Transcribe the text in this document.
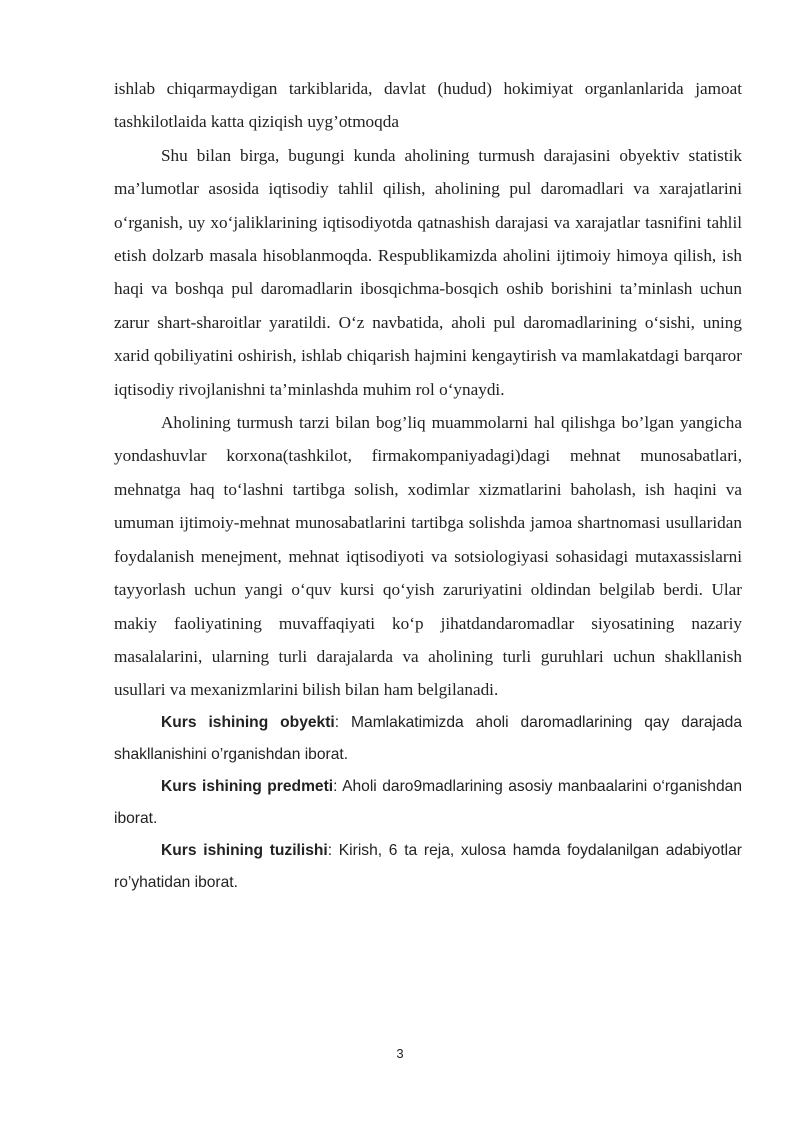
ishlab chiqarmaydigan tarkiblarida, davlat (hudud) hokimiyat organlanlarida jamoat tashkilotlaida katta qiziqish uyg’otmoqda

Shu bilan birga, bugungi kunda aholining turmush darajasini obyektiv statistik ma’lumotlar asosida iqtisodiy tahlil qilish, aholining pul daromadlari va xarajatlarini o‘rganish, uy xo‘jaliklarining iqtisodiyotda qatnashish darajasi va xarajatlar tasnifini tahlil etish dolzarb masala hisoblanmoqda. Respublikamizda aholini ijtimoiy himoya qilish, ish haqi va boshqa pul daromadlarin ibosqichma-bosqich oshib borishini ta’minlash uchun zarur shart-sharoitlar yaratildi. O‘z navbatida, aholi pul daromadlarining o‘sishi, uning xarid qobiliyatini oshirish, ishlab chiqarish hajmini kengaytirish va mamlakatdagi barqaror iqtisodiy rivojlanishni ta’minlashda muhim rol o‘ynaydi.

Aholining turmush tarzi bilan bog’liq muammolarni hal qilishga bo’lgan yangicha yondashuvlar korxona(tashkilot, firmakompaniyadagi)dagi mehnat munosabatlari, mehnatga haq to‘lashni tartibga solish, xodimlar xizmatlarini baholash, ish haqini va umuman ijtimoiy-mehnat munosabatlarini tartibga solishda jamoa shartnomasi usullaridan foydalanish menejment, mehnat iqtisodiyoti va sotsiologiyasi sohasidagi mutaxassislarni tayyorlash uchun yangi o‘quv kursi qo‘yish zaruriyatini oldindan belgilab berdi. Ular makiy faoliyatining muvaffaqiyati ko‘p jihatdandaromadlar siyosatining nazariy masalalarini, ularning turli darajalarda va aholining turli guruhlari uchun shakllanish usullari va mexanizmlarini bilish bilan ham belgilanadi.

Kurs ishining obyekti: Mamlakatimizda aholi daromadlarining qay darajada shakllanishini o’rganishdan iborat.

Kurs ishining predmeti: Aholi daro9madlarining asosiy manbaalarini o‘rganishdan iborat.

Kurs ishining tuzilishi: Kirish, 6 ta reja, xulosa hamda foydalanilgan adabiyotlar ro’yhatidan iborat.

3
